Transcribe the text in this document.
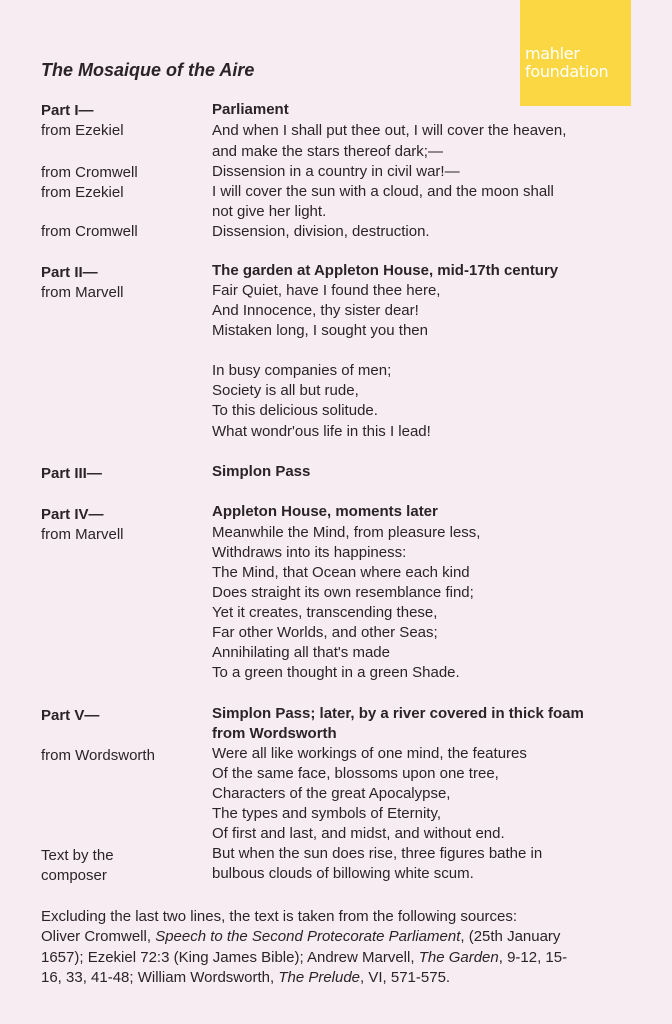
mahler
foundation
The Mosaique of the Aire
Part I—
from Ezekiel
from Cromwell
from Ezekiel
from Cromwell
Parliament
And when I shall put thee out, I will cover the heaven,
and make the stars thereof dark;—
Dissension in a country in civil war!—
I will cover the sun with a cloud, and the moon shall
not give her light.
Dissension, division, destruction.
Part II—
from Marvell
The garden at Appleton House, mid-17th century
Fair Quiet, have I found thee here,
And Innocence, thy sister dear!
Mistaken long, I sought you then
In busy companies of men;
Society is all but rude,
To this delicious solitude.
What wondr'ous life in this I lead!
Part III—	Simplon Pass
Part IV—
from Marvell
Appleton House, moments later
Meanwhile the Mind, from pleasure less,
Withdraws into its happiness:
The Mind, that Ocean where each kind
Does straight its own resemblance find;
Yet it creates, transcending these,
Far other Worlds, and other Seas;
Annihilating all that's made
To a green thought in a green Shade.
Part V—
from Wordsworth
Text by the
composer
Simplon Pass; later, by a river covered in thick foam
from Wordsworth
Were all like workings of one mind, the features
Of the same face, blossoms upon one tree,
Characters of the great Apocalypse,
The types and symbols of Eternity,
Of first and last, and midst, and without end.
But when the sun does rise, three figures bathe in
bulbous clouds of billowing white scum.
Excluding the last two lines, the text is taken from the following sources:
Oliver Cromwell, Speech to the Second Protecorate Parliament, (25th January
1657); Ezekiel 72:3 (King James Bible); Andrew Marvell, The Garden, 9-12, 15-
16, 33, 41-48; William Wordsworth, The Prelude, VI, 571-575.
